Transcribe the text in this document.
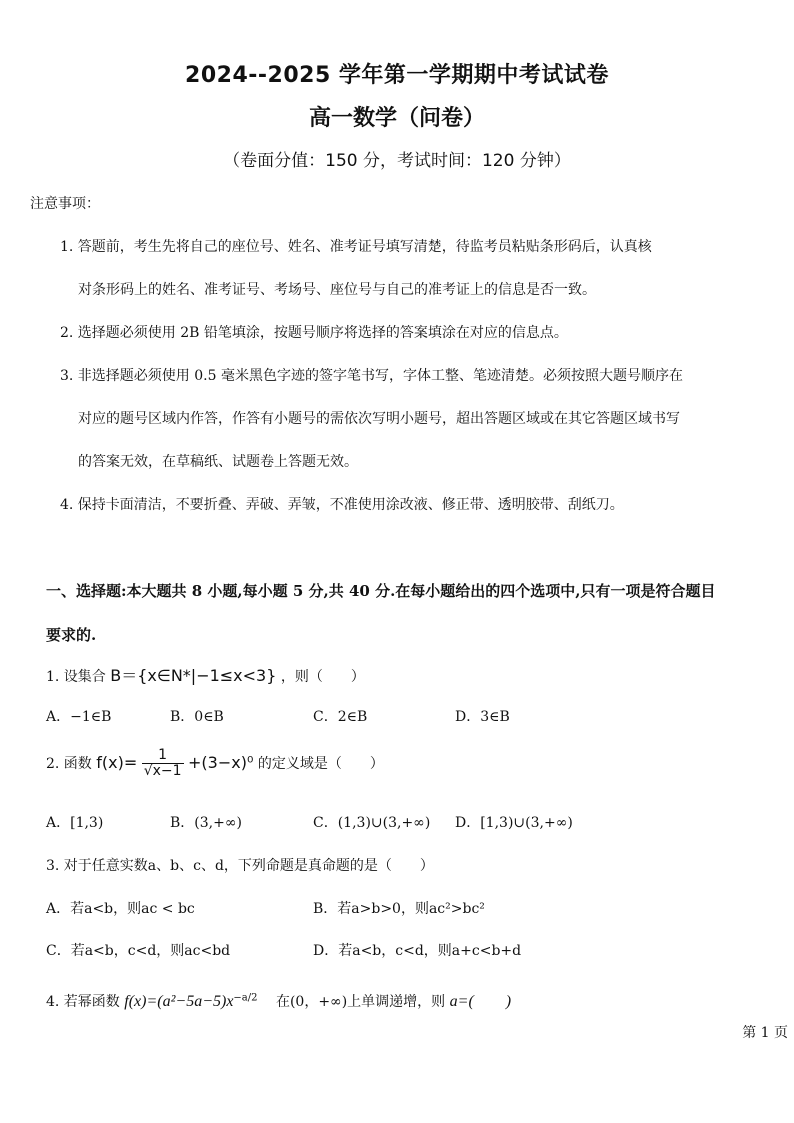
2024--2025 学年第一学期期中考试试卷
高一数学（问卷）
（卷面分值：150 分，考试时间：120 分钟）
注意事项：
1. 答题前，考生先将自己的座位号、姓名、准考证号填写清楚，待监考员粘贴条形码后，认真核
对条形码上的姓名、准考证号、考场号、座位号与自己的准考证上的信息是否一致。
2. 选择题必须使用 2B 铅笔填涂，按题号顺序将选择的答案填涂在对应的信息点。
3. 非选择题必须使用 0.5 毫米黑色字迹的签字笔书写，字体工整、笔迹清楚。必须按照大题号顺序在
对应的题号区域内作答，作答有小题号的需依次写明小题号，超出答题区域或在其它答题区域书写
的答案无效，在草稿纸、试题卷上答题无效。
4. 保持卡面清洁，不要折叠、弄破、弄皱，不准使用涂改液、修正带、透明胶带、刮纸刀。
一、选择题:本大题共 8 小题,每小题 5 分,共 40 分.在每小题给出的四个选项中,只有一项是符合题目
要求的.
1. 设集合 B＝{x∈N*|−1≤x<3} ，则（　　）
A．−1∈B	B．0∈B	C．2∈B	D．3∈B
2. 函数 $f(x)= \frac{1}{√x-1} +(3-x)^0$ 的定义域是（　　）
A．[1,3)	B．(3,+∞)	C．(1,3)∪(3,+∞) D．[1,3)∪(3,+∞)
3. 对于任意实数a、b、c、d，下列命题是真命题的是（　　）
A．若a<b，则ac < bc	B．若a>b>0，则ac²>bc²
C．若a<b，c<d，则ac<bd	D．若a<b，c<d，则a+c<b+d
4. 若幂函数 $f(x)=(a^2-5a-5)x^{-a/2}$ 在(0，+∞)上单调递增，则 a=(　　)
第 1 页
